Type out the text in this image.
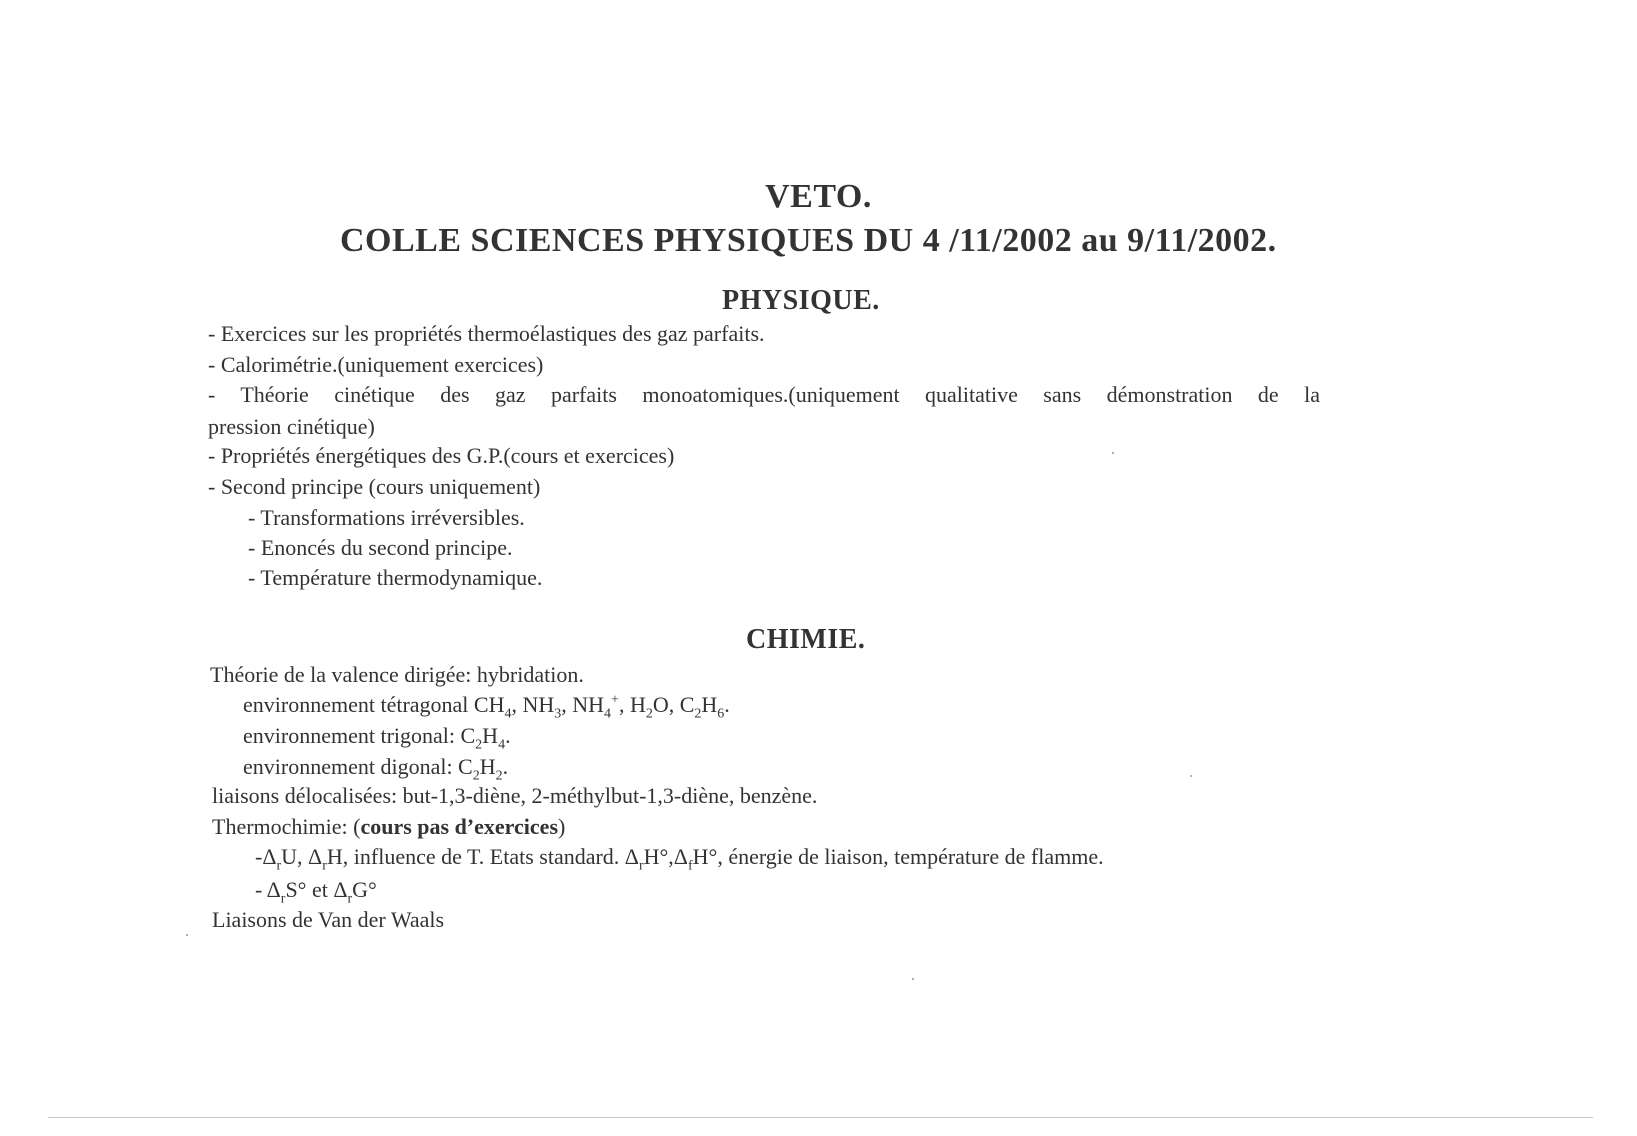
VETO.
COLLE SCIENCES PHYSIQUES DU 4 /11/2002 au 9/11/2002.
PHYSIQUE.
- Exercices sur les propriétés thermoélastiques des gaz parfaits.
- Calorimétrie.(uniquement exercices)
- Théorie cinétique des gaz parfaits monoatomiques.(uniquement qualitative sans démonstration de la
pression cinétique)
- Propriétés énergétiques des G.P.(cours et exercices)
- Second principe (cours uniquement)
- Transformations irréversibles.
- Enoncés du second principe.
- Température thermodynamique.
CHIMIE.
Théorie de la valence dirigée: hybridation.
environnement tétragonal $CH_4$, $NH_3$, $NH_4^+$, $H_2O$, $C_2H_6$.
environnement trigonal: $C_2H_4$.
environnement digonal: $C_2H_2$.
liaisons délocalisées: but-1,3-diène, 2-méthylbut-1,3-diène, benzène.
Thermochimie: (cours pas d’exercices)
$-\Delta_rU$, $\Delta_rH$, influence de T. Etats standard. $\Delta_rH^\circ,\Delta_fH^\circ$, énergie de liaison, température de flamme.
- $\Delta_rS^\circ$ et $\Delta_rG^\circ$
Liaisons de Van der Waals
